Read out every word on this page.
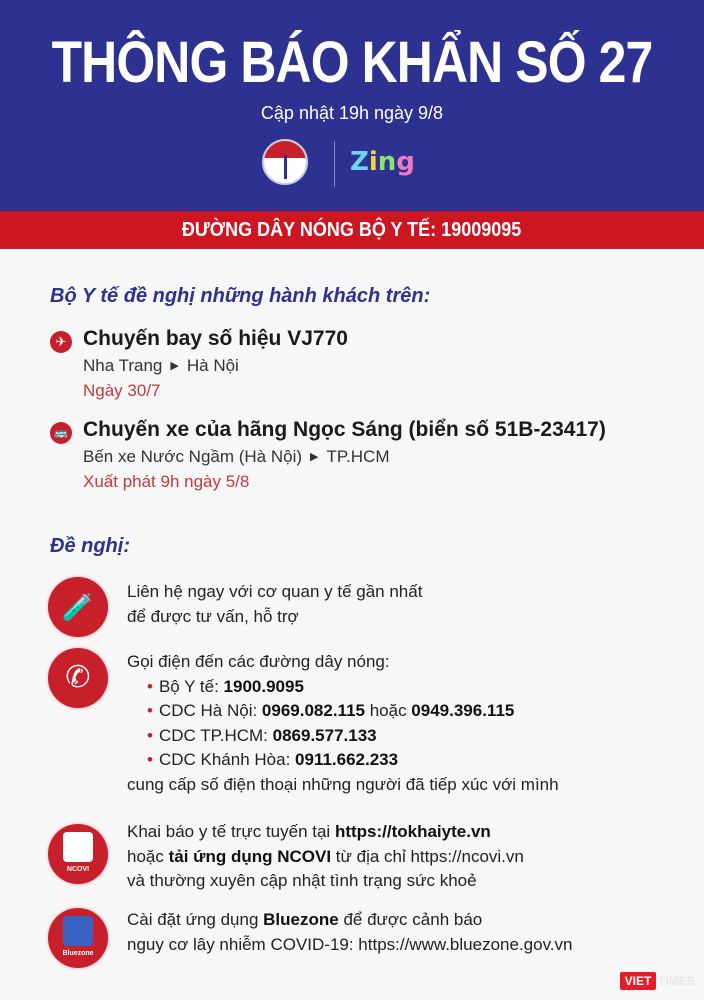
THÔNG BÁO KHẨN SỐ 27
Cập nhật 19h ngày 9/8
Zing
ĐƯỜNG DÂY NÓNG BỘ Y TẾ: 19009095
Bộ Y tế đề nghị những hành khách trên:
✈ Chuyến bay số hiệu VJ770
Nha Trang ▶ Hà Nội
Ngày 30/7
🚌 Chuyến xe của hãng Ngọc Sáng (biển số 51B-23417)
Bến xe Nước Ngầm (Hà Nội) ▶ TP.HCM
Xuất phát 9h ngày 5/8
Đề nghị:
🧪
Liên hệ ngay với cơ quan y tế gần nhất
để được tư vấn, hỗ trợ
✆	Gọi điện đến các đường dây nóng:
• Bộ Y tế: 1900.9095
• CDC Hà Nội: 0969.082.115 hoặc 0949.396.115
• CDC TP.HCM: 0869.577.133
• CDC Khánh Hòa: 0911.662.233
cung cấp số điện thoại những người đã tiếp xúc với mình
NCOVI
Khai báo y tế trực tuyến tại https://tokhaiyte.vn
hoặc tải ứng dụng NCOVI từ địa chỉ https://ncovi.vn
và thường xuyên cập nhật tình trạng sức khoẻ
Bluezone
Cài đặt ứng dụng Bluezone để được cảnh báo
nguy cơ lây nhiễm COVID-19: https://www.bluezone.gov.vn
VIET TIMES
